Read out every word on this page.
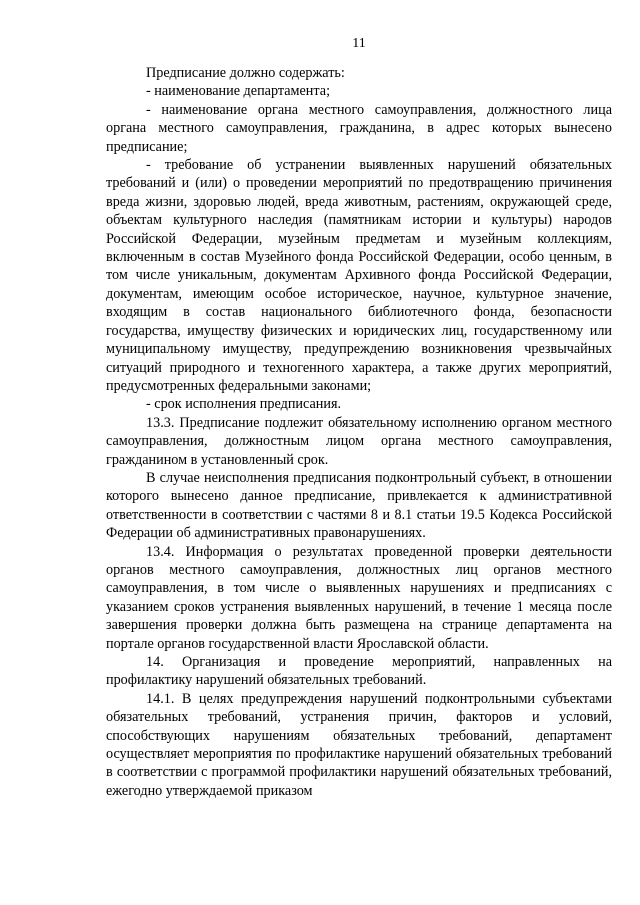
11

Предписание должно содержать:

- наименование департамента;

- наименование органа местного самоуправления, должностного лица органа местного самоуправления, гражданина, в адрес которых вынесено предписание;

- требование об устранении выявленных нарушений обязательных требований и (или) о проведении мероприятий по предотвращению причинения вреда жизни, здоровью людей, вреда животным, растениям, окружающей среде, объектам культурного наследия (памятникам истории и культуры) народов Российской Федерации, музейным предметам и музейным коллекциям, включенным в состав Музейного фонда Российской Федерации, особо ценным, в том числе уникальным, документам Архивного фонда Российской Федерации, документам, имеющим особое историческое, научное, культурное значение, входящим в состав национального библиотечного фонда, безопасности государства, имуществу физических и юридических лиц, государственному или муниципальному имуществу, предупреждению возникновения чрезвычайных ситуаций природного и техногенного характера, а также других мероприятий, предусмотренных федеральными законами;

- срок исполнения предписания.

13.3. Предписание подлежит обязательному исполнению органом местного самоуправления, должностным лицом органа местного самоуправления, гражданином в установленный срок.

В случае неисполнения предписания подконтрольный субъект, в отношении которого вынесено данное предписание, привлекается к административной ответственности в соответствии с частями 8 и 8.1 статьи 19.5 Кодекса Российской Федерации об административных правонарушениях.

13.4. Информация о результатах проведенной проверки деятельности органов местного самоуправления, должностных лиц органов местного самоуправления, в том числе о выявленных нарушениях и предписаниях с указанием сроков устранения выявленных нарушений, в течение 1 месяца после завершения проверки должна быть размещена на странице департамента на портале органов государственной власти Ярославской области.

14. Организация и проведение мероприятий, направленных на профилактику нарушений обязательных требований.

14.1. В целях предупреждения нарушений подконтрольными субъектами обязательных требований, устранения причин, факторов и условий, способствующих нарушениям обязательных требований, департамент осуществляет мероприятия по профилактике нарушений обязательных требований в соответствии с программой профилактики нарушений обязательных требований, ежегодно утверждаемой приказом
